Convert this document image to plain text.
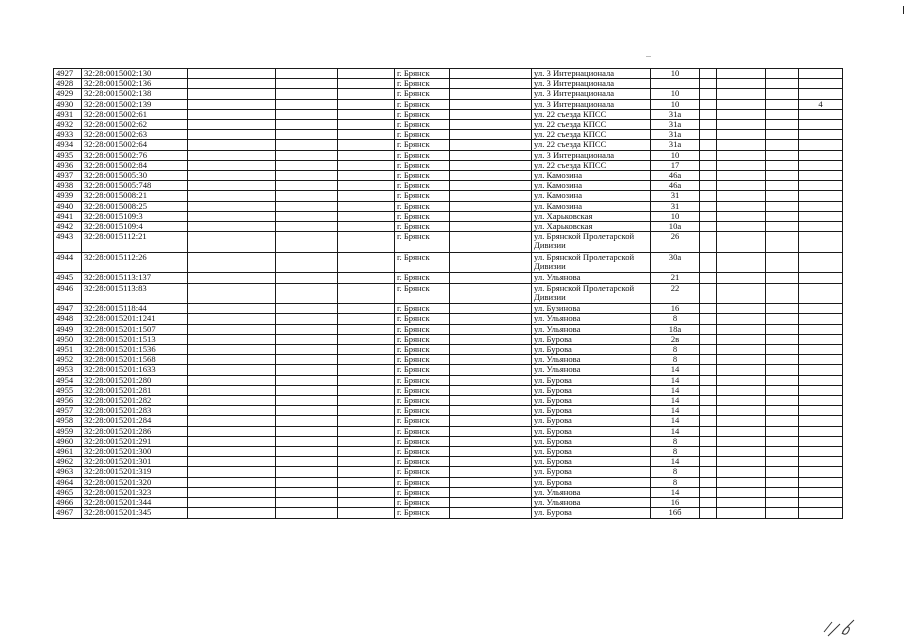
4927	32:28:0015002:130				г. Брянск		ул. 3 Интернационала	10				
4928	32:28:0015002:136				г. Брянск		ул. 3 Интернационала					
4929	32:28:0015002:138				г. Брянск		ул. 3 Интернационала	10				
4930	32:28:0015002:139				г. Брянск		ул. 3 Интернационала	10				4
4931	32:28:0015002:61				г. Брянск		ул. 22 съезда КПСС	31а				
4932	32:28:0015002:62				г. Брянск		ул. 22 съезда КПСС	31а				
4933	32:28:0015002:63				г. Брянск		ул. 22 съезда КПСС	31а				
4934	32:28:0015002:64				г. Брянск		ул. 22 съезда КПСС	31а				
4935	32:28:0015002:76				г. Брянск		ул. 3 Интернационала	10				
4936	32:28:0015002:84				г. Брянск		ул. 22 съезда КПСС	17				
4937	32:28:0015005:30				г. Брянск		ул. Камозина	46а				
4938	32:28:0015005:748				г. Брянск		ул. Камозина	46а				
4939	32:28:0015008:21				г. Брянск		ул. Камозина	31				
4940	32:28:0015008:25				г. Брянск		ул. Камозина	31				
4941	32:28:0015109:3				г. Брянск		ул. Харьковская	10				
4942	32:28:0015109:4				г. Брянск		ул. Харьковская	10а				
4943	32:28:0015112:21				г. Брянск		ул. Брянской Пролетарской Дивизии	26				
4944	32:28:0015112:26				г. Брянск		ул. Брянской Пролетарской Дивизии	30а				
4945	32:28:0015113:137				г. Брянск		ул. Ульянова	21				
4946	32:28:0015113:83				г. Брянск		ул. Брянской Пролетарской Дивизии	22				
4947	32:28:0015118:44				г. Брянск		ул. Бузинова	16				
4948	32:28:0015201:1241				г. Брянск		ул. Ульянова	8				
4949	32:28:0015201:1507				г. Брянск		ул. Ульянова	18а				
4950	32:28:0015201:1513				г. Брянск		ул. Бурова	2в				
4951	32:28:0015201:1536				г. Брянск		ул. Бурова	8				
4952	32:28:0015201:1568				г. Брянск		ул. Ульянова	8				
4953	32:28:0015201:1633				г. Брянск		ул. Ульянова	14				
4954	32:28:0015201:280				г. Брянск		ул. Бурова	14				
4955	32:28:0015201:281				г. Брянск		ул. Бурова	14				
4956	32:28:0015201:282				г. Брянск		ул. Бурова	14				
4957	32:28:0015201:283				г. Брянск		ул. Бурова	14				
4958	32:28:0015201:284				г. Брянск		ул. Бурова	14				
4959	32:28:0015201:286				г. Брянск		ул. Бурова	14				
4960	32:28:0015201:291				г. Брянск		ул. Бурова	8				
4961	32:28:0015201:300				г. Брянск		ул. Бурова	8				
4962	32:28:0015201:301				г. Брянск		ул. Бурова	14				
4963	32:28:0015201:319				г. Брянск		ул. Бурова	8				
4964	32:28:0015201:320				г. Брянск		ул. Бурова	8				
4965	32:28:0015201:323				г. Брянск		ул. Ульянова	14				
4966	32:28:0015201:344				г. Брянск		ул. Ульянова	16				
4967	32:28:0015201:345				г. Брянск		ул. Бурова	16б				
